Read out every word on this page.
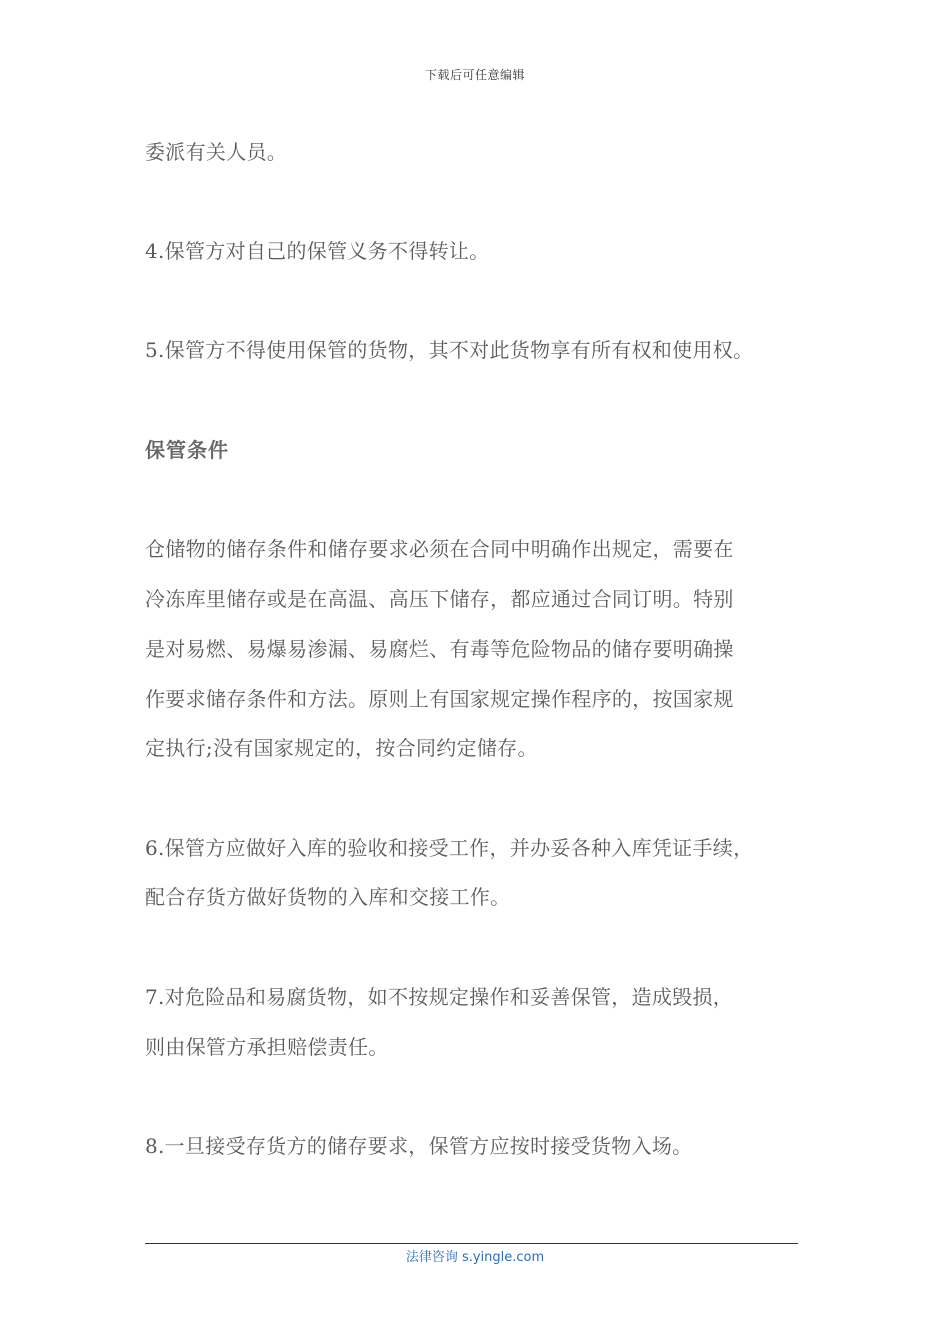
下载后可任意编辑
委派有关人员。
4.保管方对自己的保管义务不得转让。
5.保管方不得使用保管的货物，其不对此货物享有所有权和使用权。
保管条件
仓储物的储存条件和储存要求必须在合同中明确作出规定，需要在
冷冻库里储存或是在高温、高压下储存，都应通过合同订明。特别
是对易燃、易爆易渗漏、易腐烂、有毒等危险物品的储存要明确操
作要求储存条件和方法。原则上有国家规定操作程序的，按国家规
定执行;没有国家规定的，按合同约定储存。
6.保管方应做好入库的验收和接受工作，并办妥各种入库凭证手续，
配合存货方做好货物的入库和交接工作。
7.对危险品和易腐货物，如不按规定操作和妥善保管，造成毁损，
则由保管方承担赔偿责任。
8.一旦接受存货方的储存要求，保管方应按时接受货物入场。
法律咨询 s.yingle.com
